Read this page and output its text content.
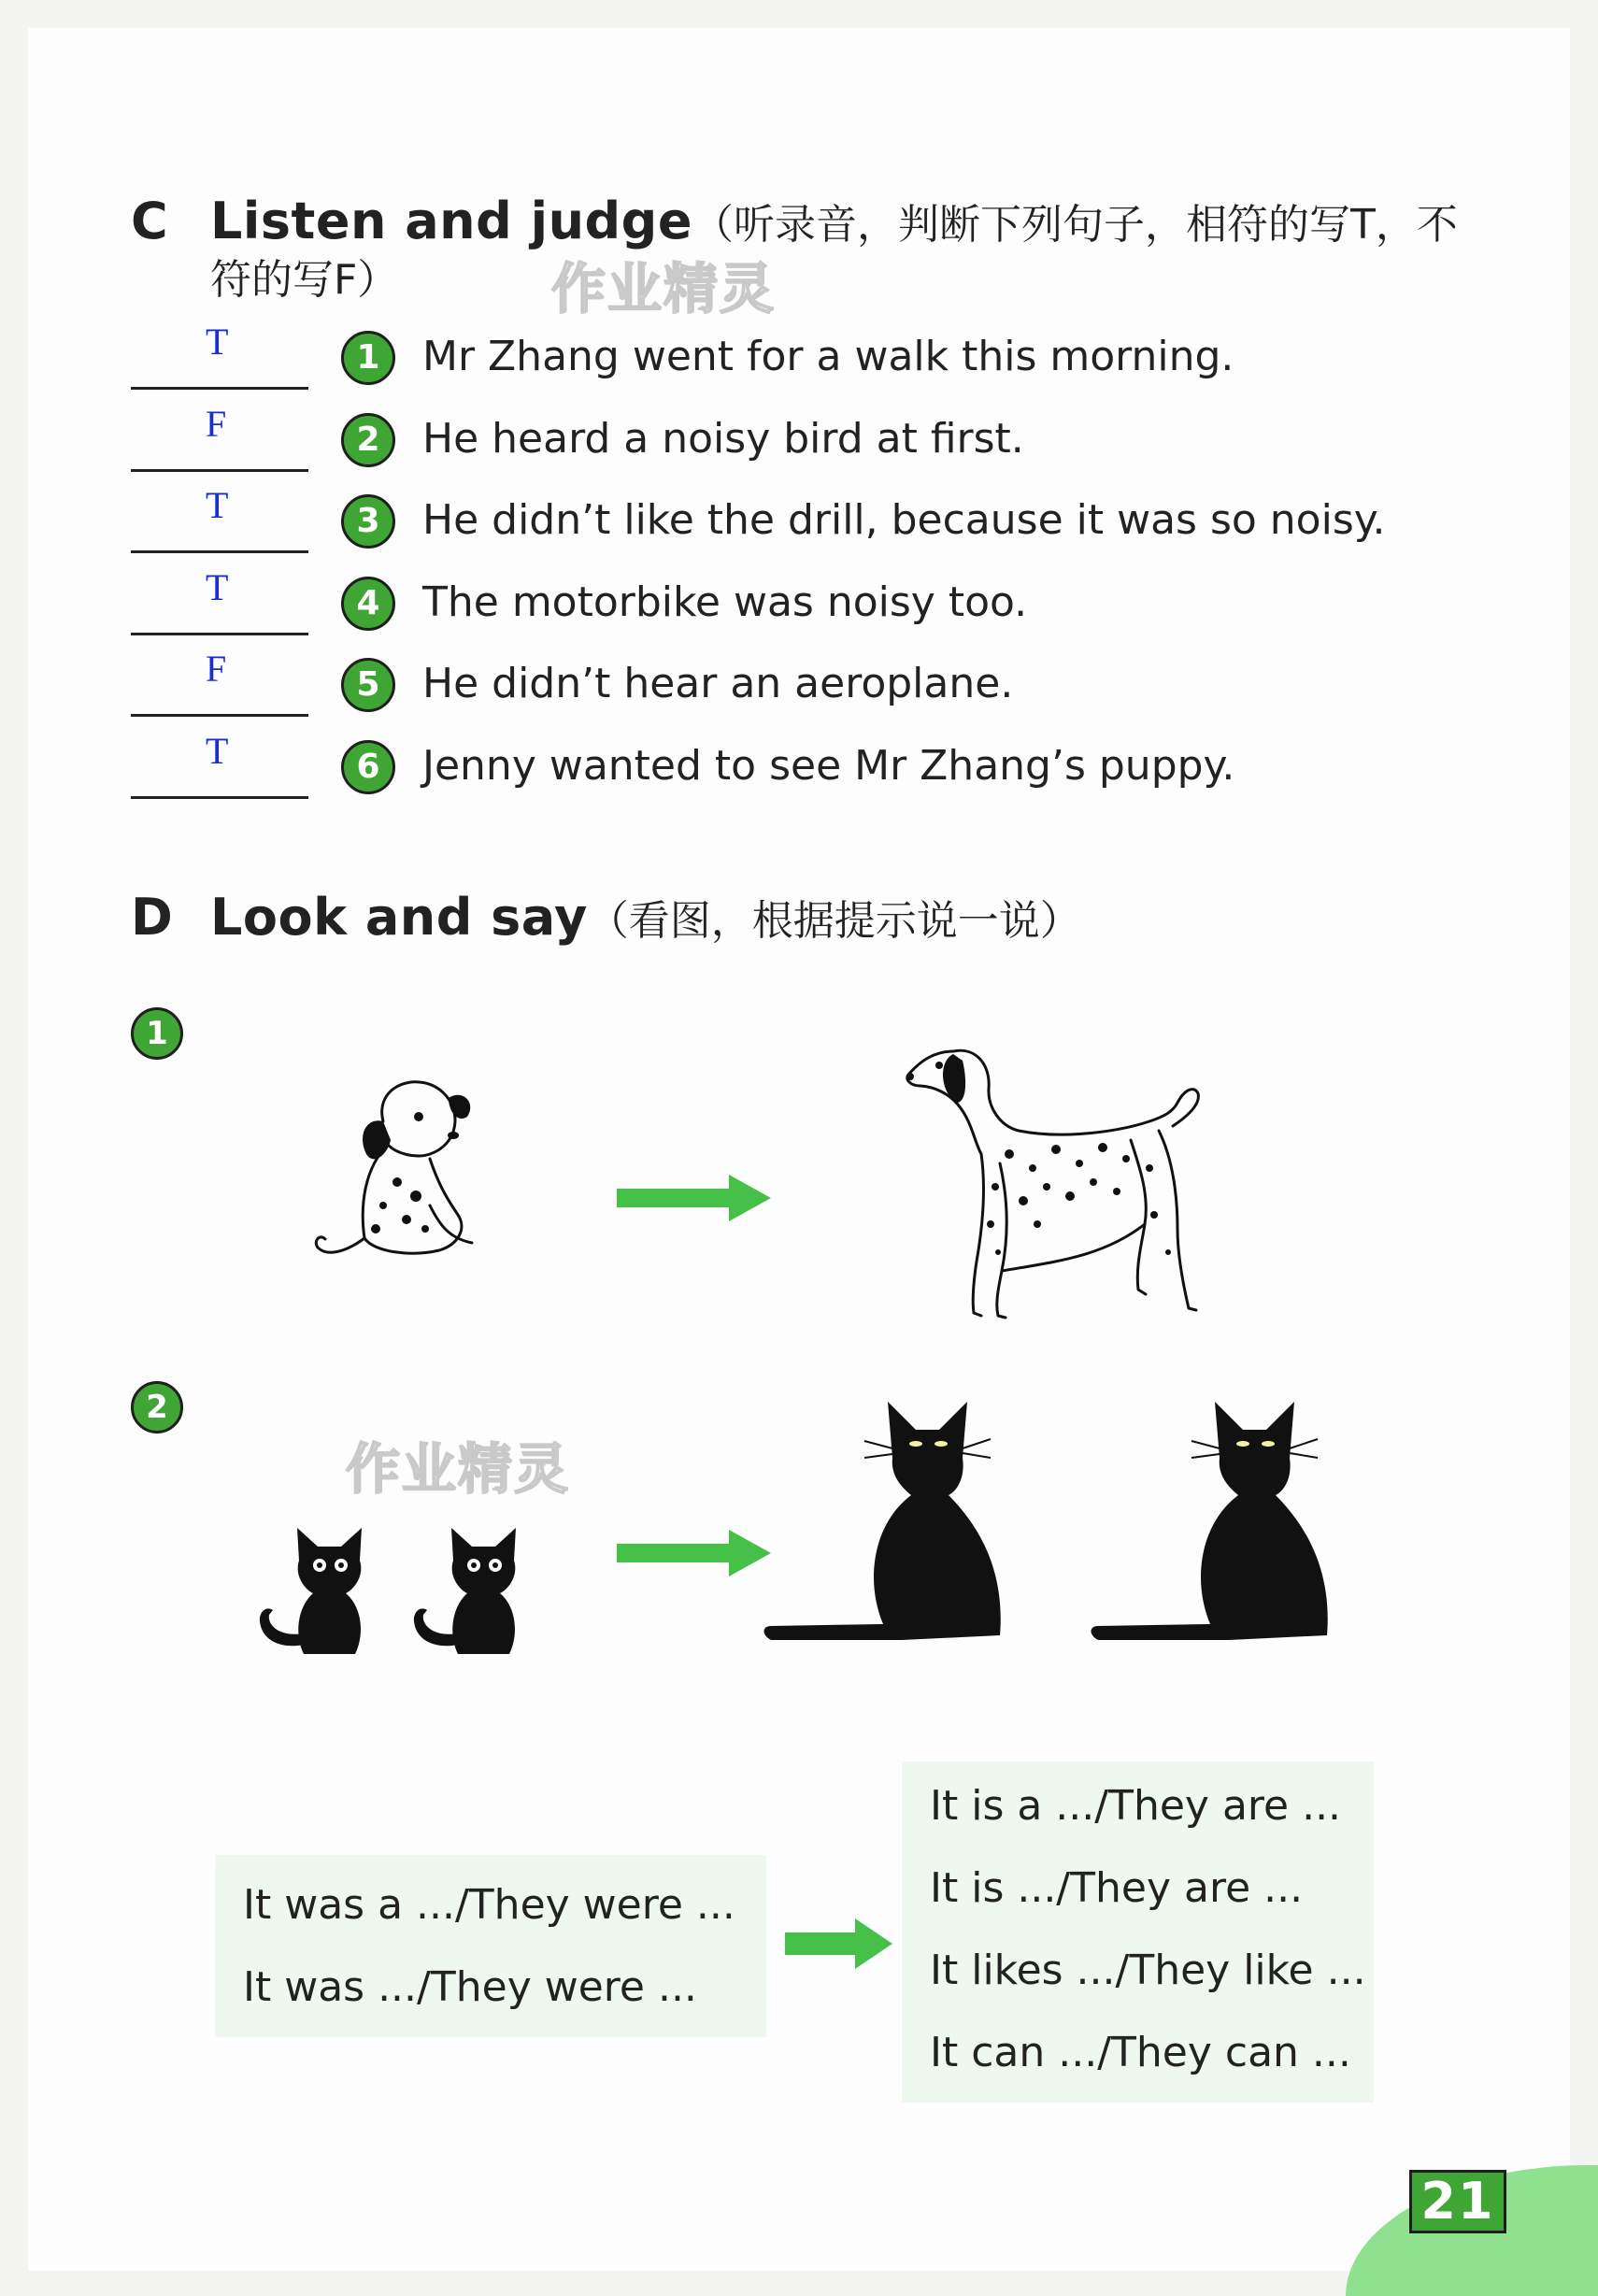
C Listen and judge（听录音，判断下列句子，相符的写T，不
符的写F）	作业精灵
T	1	Mr Zhang went for a walk this morning.
F	2	He heard a noisy bird at first.
T	3	He didn’t like the drill, because it was so noisy.
T	4	The motorbike was noisy too.
F	5	He didn’t hear an aeroplane.
T	6	Jenny wanted to see Mr Zhang’s puppy.
D Look and say（看图，根据提示说一说）
1
2
作业精灵
It was a .../They were ...
It was .../They were ...
It is a .../They are ...
It is .../They are ...
It likes .../They like ...
It can .../They can ...
21
